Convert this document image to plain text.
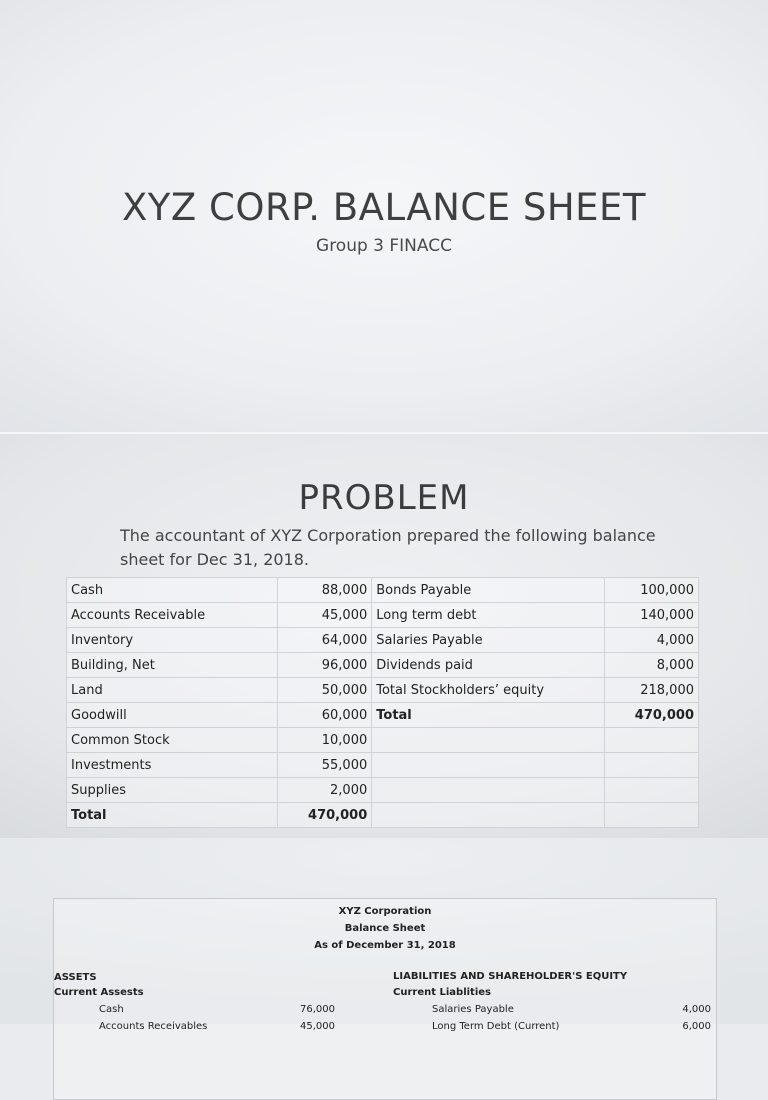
XYZ CORP. BALANCE SHEET
Group 3 FINACC
PROBLEM
The accountant of XYZ Corporation prepared the following balance sheet for Dec 31, 2018.
Cash	88,000	Bonds Payable	100,000
Accounts Receivable	45,000	Long term debt	140,000
Inventory	64,000	Salaries Payable	4,000
Building, Net	96,000	Dividends paid	8,000
Land	50,000	Total Stockholders’ equity	218,000
Goodwill	60,000	Total	470,000
Common Stock	10,000		
Investments	55,000		
Supplies	2,000		
Total	470,000		
XYZ Corporation
Balance Sheet
As of December 31, 2018
ASSETS
Current Assests
LIABILITIES AND SHAREHOLDER'S EQUITY
Current Liablities
Cash	76,000
Accounts Receivables	45,000
Salaries Payable	4,000
Long Term Debt (Current)	6,000
